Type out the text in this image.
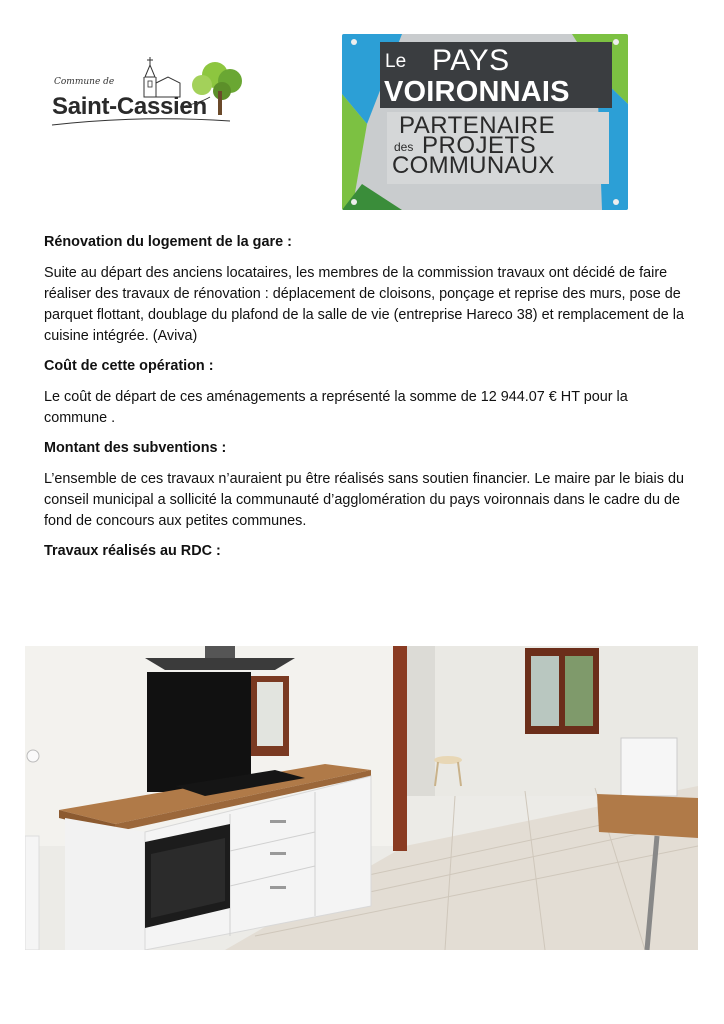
Commune de
Saint-Cassien
Le PAYS
VOIRONNAIS
PARTENAIRE
des PROJETS
COMMUNAUX
Rénovation du logement de la gare :

Suite au départ des anciens locataires, les membres de la commission travaux ont décidé de faire réaliser des travaux de rénovation : déplacement de cloisons, ponçage et reprise des murs, pose de parquet flottant, doublage du plafond de la salle de vie (entreprise Hareco 38) et remplacement de la cuisine intégrée. (Aviva)

Coût de cette opération :

Le coût de départ de ces aménagements a représenté la somme de 12 944.07 € HT pour la commune .

Montant des subventions :

L’ensemble de ces travaux n’auraient pu être réalisés sans soutien financier. Le maire par le biais du conseil municipal a sollicité la communauté d’agglomération du pays voironnais dans le cadre du de fond de concours aux petites communes.

Travaux réalisés au RDC :
